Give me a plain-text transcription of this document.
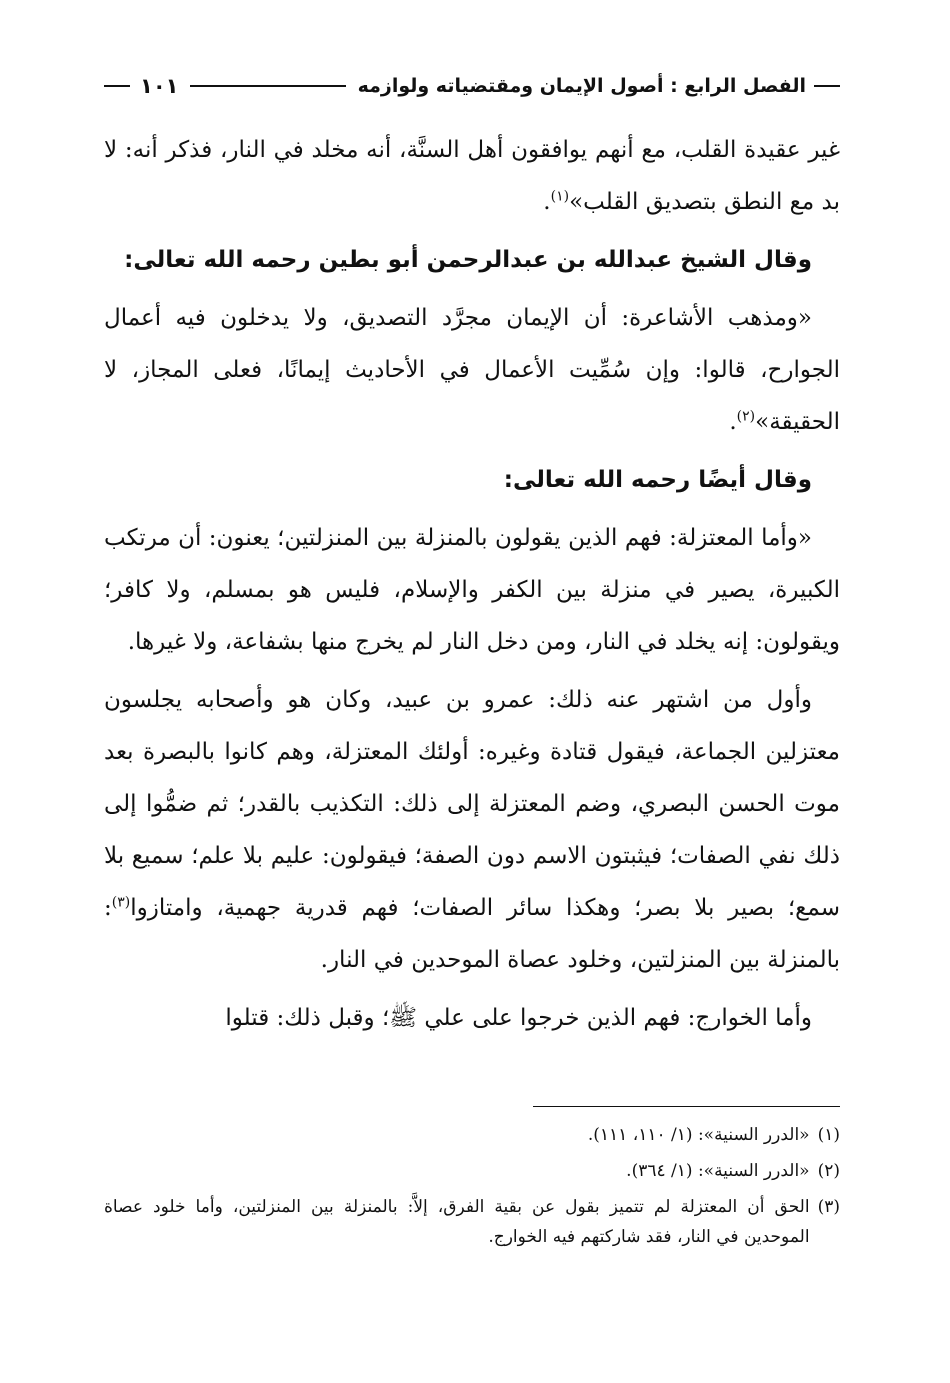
الفصل الرابع : أصول الإيمان ومقتضياته ولوازمه
١٠١

غير عقيدة القلب، مع أنهم يوافقون أهل السنَّة، أنه مخلد في النار، فذكر أنه: لا بد مع النطق بتصديق القلب»$^{(١)}$.

وقال الشيخ عبدالله بن عبدالرحمن أبو بطين رحمه الله تعالى:

«ومذهب الأشاعرة: أن الإيمان مجرَّد التصديق، ولا يدخلون فيه أعمال الجوارح، قالوا: وإن سُمِّيت الأعمال في الأحاديث إيمانًا، فعلى المجاز، لا الحقيقة»$^{(٢)}$.

وقال أيضًا رحمه الله تعالى:

«وأما المعتزلة: فهم الذين يقولون بالمنزلة بين المنزلتين؛ يعنون: أن مرتكب الكبيرة، يصير في منزلة بين الكفر والإسلام، فليس هو بمسلم، ولا كافر؛ ويقولون: إنه يخلد في النار، ومن دخل النار لم يخرج منها بشفاعة، ولا غيرها.

وأول من اشتهر عنه ذلك: عمرو بن عبيد، وكان هو وأصحابه يجلسون معتزلين الجماعة، فيقول قتادة وغيره: أولئك المعتزلة، وهم كانوا بالبصرة بعد موت الحسن البصري، وضم المعتزلة إلى ذلك: التكذيب بالقدر؛ ثم ضمُّوا إلى ذلك نفي الصفات؛ فيثبتون الاسم دون الصفة؛ فيقولون: عليم بلا علم؛ سميع بلا سمع؛ بصير بلا بصر؛ وهكذا سائر الصفات؛ فهم قدرية جهمية، وامتازوا$^{(٣)}$: بالمنزلة بين المنزلتين، وخلود عصاة الموحدين في النار.

وأما الخوارج: فهم الذين خرجوا على علي ﷺ؛ وقبل ذلك: قتلوا

(١)
«الدرر السنية»: (١/ ١١٠، ١١١).
(٢)
«الدرر السنية»: (١/ ٣٦٤).
(٣)
الحق أن المعتزلة لم تتميز بقول عن بقية الفرق، إلاَّ: بالمنزلة بين المنزلتين، وأما خلود عصاة الموحدين في النار، فقد شاركتهم فيه الخوارج.
